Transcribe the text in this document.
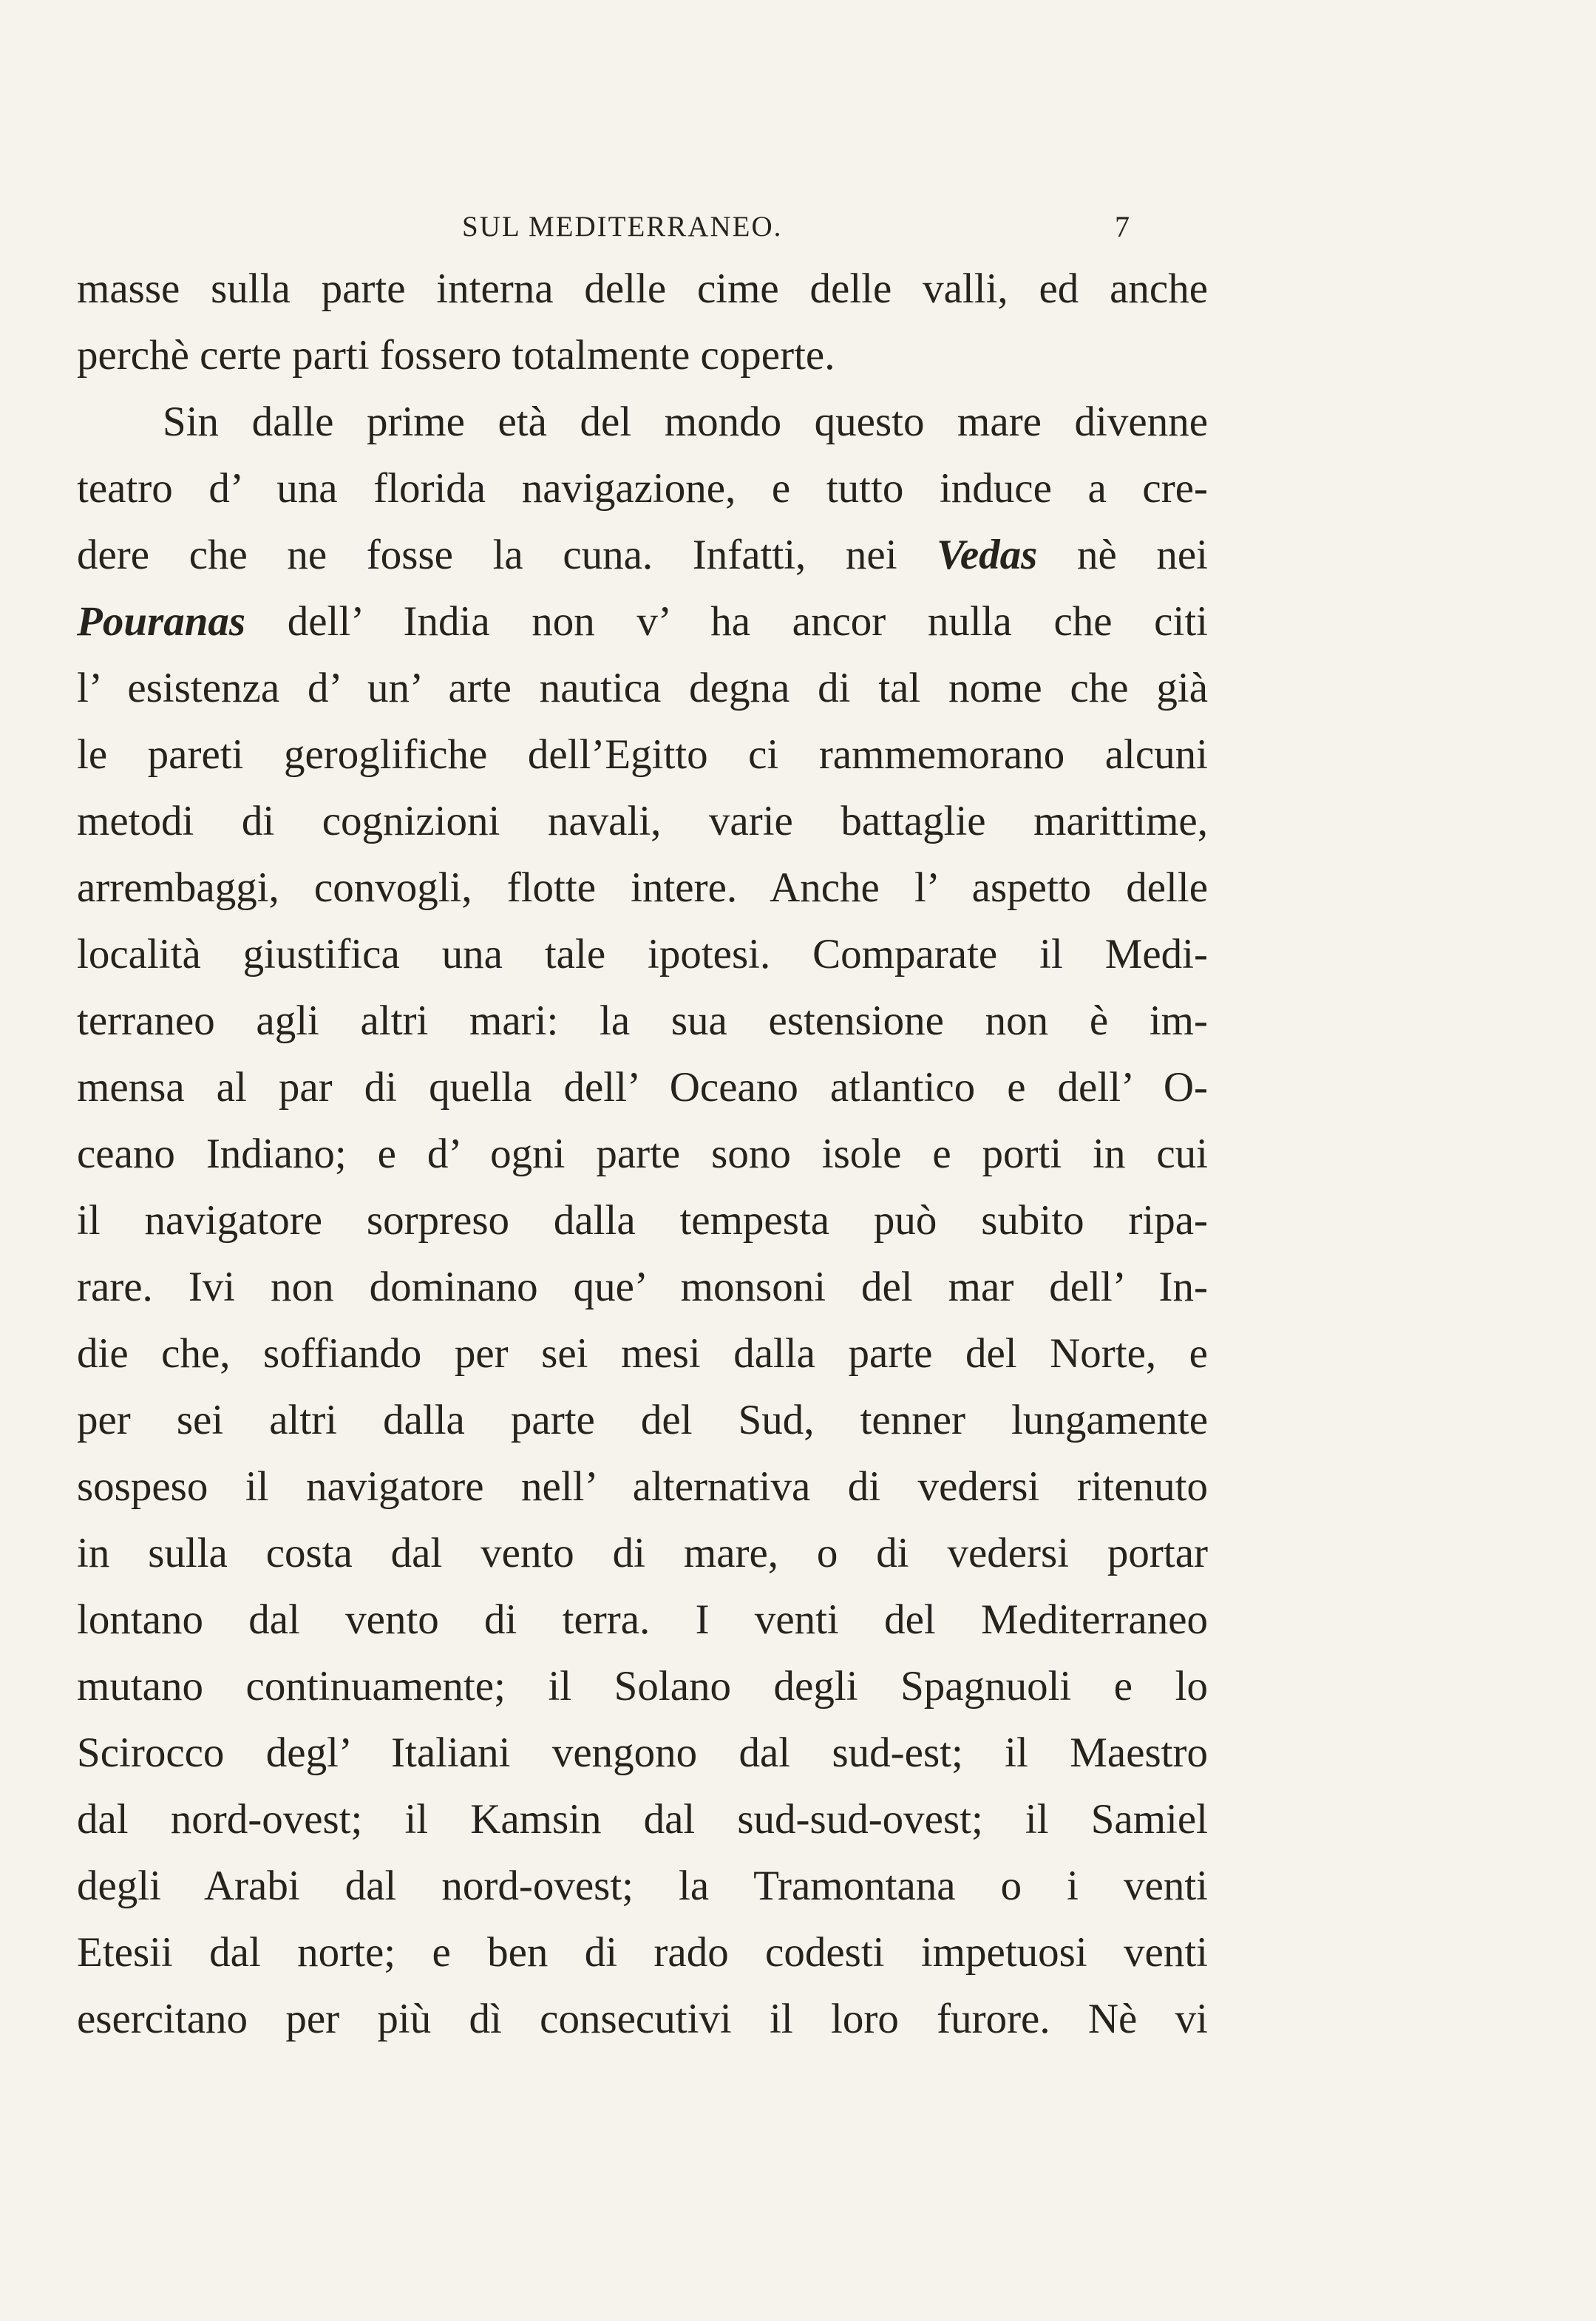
SUL MEDITERRANEO.	7
masse sulla parte interna delle cime delle valli, ed anche
perchè certe parti fossero totalmente coperte.
Sin dalle prime età del mondo questo mare divenne
teatro d’ una florida navigazione, e tutto induce a cre-
dere che ne fosse la cuna. Infatti, nei Vedas nè nei
Pouranas dell’ India non v’ ha ancor nulla che citi
l’ esistenza d’ un’ arte nautica degna di tal nome che già
le pareti geroglifiche dell’Egitto ci rammemorano alcuni
metodi di cognizioni navali, varie battaglie marittime,
arrembaggi, convogli, flotte intere. Anche l’ aspetto delle
località giustifica una tale ipotesi. Comparate il Medi-
terraneo agli altri mari: la sua estensione non è im-
mensa al par di quella dell’ Oceano atlantico e dell’ O-
ceano Indiano; e d’ ogni parte sono isole e porti in cui
il navigatore sorpreso dalla tempesta può subito ripa-
rare. Ivi non dominano que’ monsoni del mar dell’ In-
die che, soffiando per sei mesi dalla parte del Norte, e
per sei altri dalla parte del Sud, tenner lungamente
sospeso il navigatore nell’ alternativa di vedersi ritenuto
in sulla costa dal vento di mare, o di vedersi portar
lontano dal vento di terra. I venti del Mediterraneo
mutano continuamente; il Solano degli Spagnuoli e lo
Scirocco degl’ Italiani vengono dal sud-est; il Maestro
dal nord-ovest; il Kamsin dal sud-sud-ovest; il Samiel
degli Arabi dal nord-ovest; la Tramontana o i venti
Etesii dal norte; e ben di rado codesti impetuosi venti
esercitano per più dì consecutivi il loro furore. Nè vi
